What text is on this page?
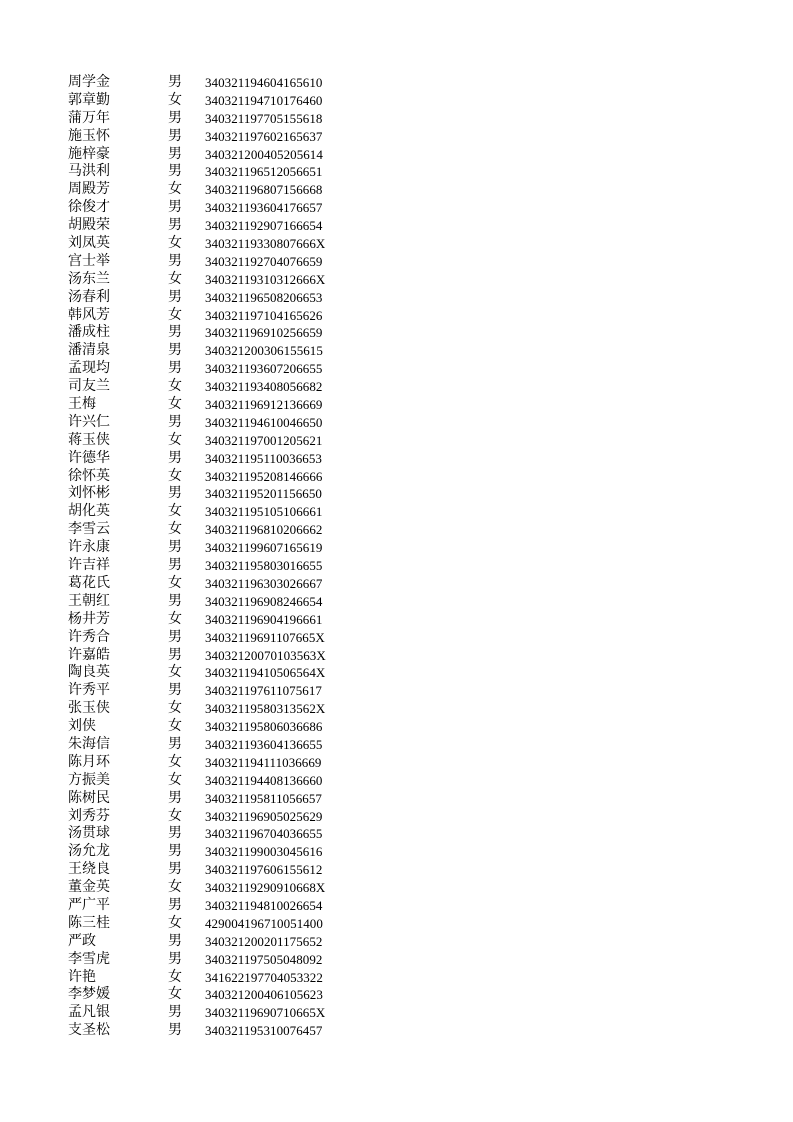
周学金	男	340321194604165610
郭章勤	女	340321194710176460
蒲万年	男	340321197705155618
施玉怀	男	340321197602165637
施梓豪	男	340321200405205614
马洪利	男	340321196512056651
周殿芳	女	340321196807156668
徐俊才	男	340321193604176657
胡殿荣	男	340321192907166654
刘凤英	女	34032119330807666X
宫士举	男	340321192704076659
汤东兰	女	34032119310312666X
汤春利	男	340321196508206653
韩风芳	女	340321197104165626
潘成柱	男	340321196910256659
潘清泉	男	340321200306155615
孟现均	男	340321193607206655
司友兰	女	340321193408056682
王梅	女	340321196912136669
许兴仁	男	340321194610046650
蒋玉侠	女	340321197001205621
许德华	男	340321195110036653
徐怀英	女	340321195208146666
刘怀彬	男	340321195201156650
胡化英	女	340321195105106661
李雪云	女	340321196810206662
许永康	男	340321199607165619
许吉祥	男	340321195803016655
葛花氏	女	340321196303026667
王朝红	男	340321196908246654
杨井芳	女	340321196904196661
许秀合	男	34032119691107665X
许嘉皓	男	34032120070103563X
陶良英	女	34032119410506564X
许秀平	男	340321197611075617
张玉侠	女	34032119580313562X
刘侠	女	340321195806036686
朱海信	男	340321193604136655
陈月环	女	340321194111036669
方振美	女	340321194408136660
陈树民	男	340321195811056657
刘秀芬	女	340321196905025629
汤贯球	男	340321196704036655
汤允龙	男	340321199003045616
王绕良	男	340321197606155612
董金英	女	34032119290910668X
严广平	男	340321194810026654
陈三桂	女	429004196710051400
严政	男	340321200201175652
李雪虎	男	340321197505048092
许艳	女	341622197704053322
李梦媛	女	340321200406105623
孟凡银	男	34032119690710665X
支圣松	男	340321195310076457
